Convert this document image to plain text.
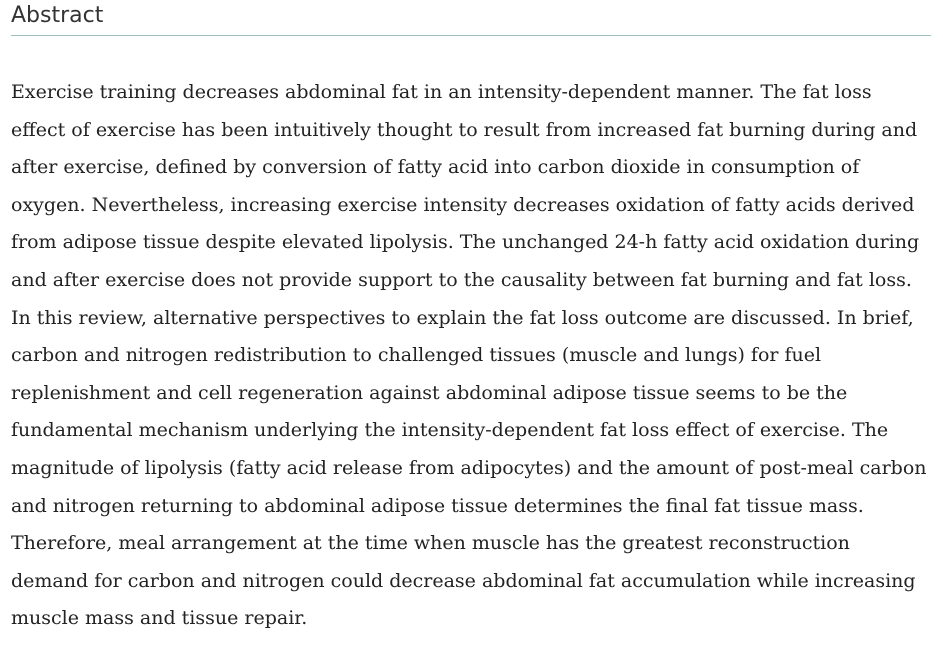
Abstract

Exercise training decreases abdominal fat in an intensity-dependent manner. The fat loss effect of exercise has been intuitively thought to result from increased fat burning during and after exercise, defined by conversion of fatty acid into carbon dioxide in consumption of oxygen. Nevertheless, increasing exercise intensity decreases oxidation of fatty acids derived from adipose tissue despite elevated lipolysis. The unchanged 24-h fatty acid oxidation during and after exercise does not provide support to the causality between fat burning and fat loss. In this review, alternative perspectives to explain the fat loss outcome are discussed. In brief, carbon and nitrogen redistribution to challenged tissues (muscle and lungs) for fuel replenishment and cell regeneration against abdominal adipose tissue seems to be the fundamental mechanism underlying the intensity-dependent fat loss effect of exercise. The magnitude of lipolysis (fatty acid release from adipocytes) and the amount of post-meal carbon and nitrogen returning to abdominal adipose tissue determines the final fat tissue mass. Therefore, meal arrangement at the time when muscle has the greatest reconstruction demand for carbon and nitrogen could decrease abdominal fat accumulation while increasing muscle mass and tissue repair.
